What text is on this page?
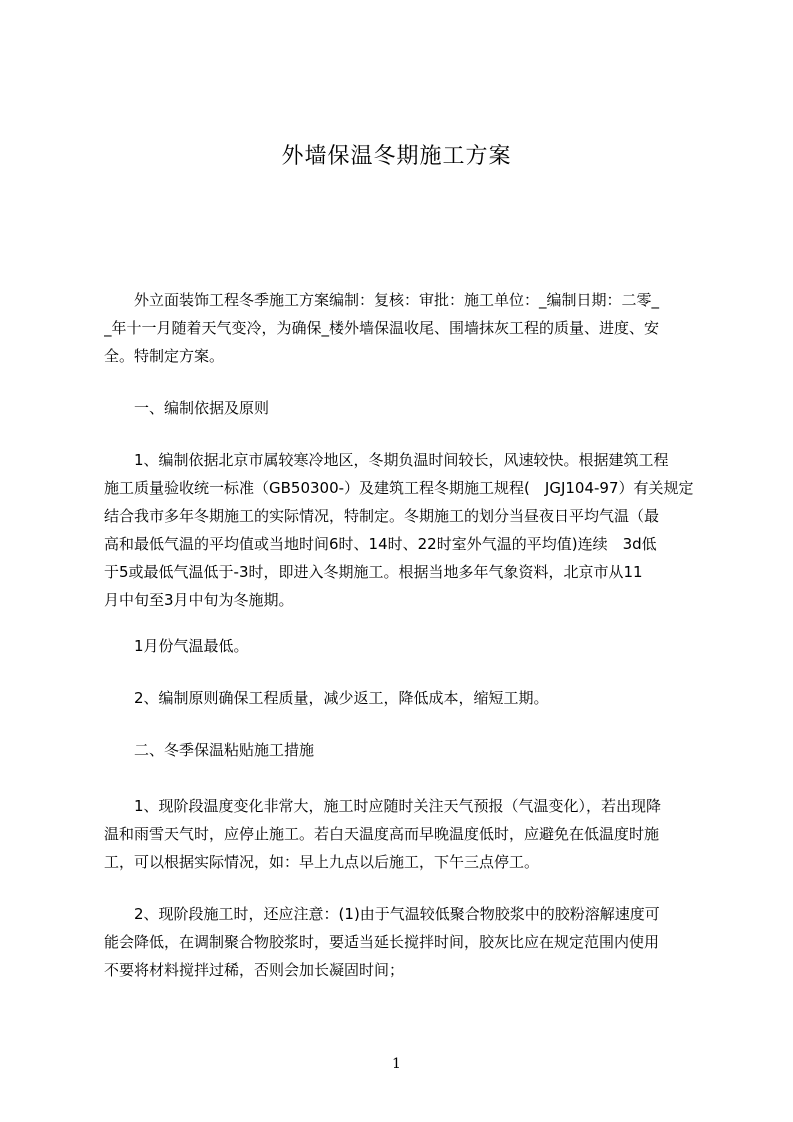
外墙保温冬期施工方案
　　外立面装饰工程冬季施工方案编制：复核：审批：施工单位：_编制日期：二零_
_年十一月随着天气变冷，为确保_楼外墙保温收尾、围墙抹灰工程的质量、进度、安
全。特制定方案。
　　一、编制依据及原则
　　1、编制依据北京市属较寒冷地区，冬期负温时间较长，风速较快。根据建筑工程
施工质量验收统一标准（GB50300-）及建筑工程冬期施工规程(　JGJ104-97）有关规定
结合我市多年冬期施工的实际情况，特制定。冬期施工的划分当昼夜日平均气温（最
高和最低气温的平均值或当地时间6时、14时、22时室外气温的平均值)连续　3d低
于5或最低气温低于-3时，即进入冬期施工。根据当地多年气象资料，北京市从11
月中旬至3月中旬为冬施期。
　　1月份气温最低。
　　2、编制原则确保工程质量，减少返工，降低成本，缩短工期。
　　二、冬季保温粘贴施工措施
　　1、现阶段温度变化非常大，施工时应随时关注天气预报（气温变化），若出现降
温和雨雪天气时，应停止施工。若白天温度高而早晚温度低时，应避免在低温度时施
工，可以根据实际情况，如：早上九点以后施工，下午三点停工。
　　2、现阶段施工时，还应注意：(1)由于气温较低聚合物胶浆中的胶粉溶解速度可
能会降低，在调制聚合物胶浆时，要适当延长搅拌时间，胶灰比应在规定范围内使用
不要将材料搅拌过稀，否则会加长凝固时间；
1
